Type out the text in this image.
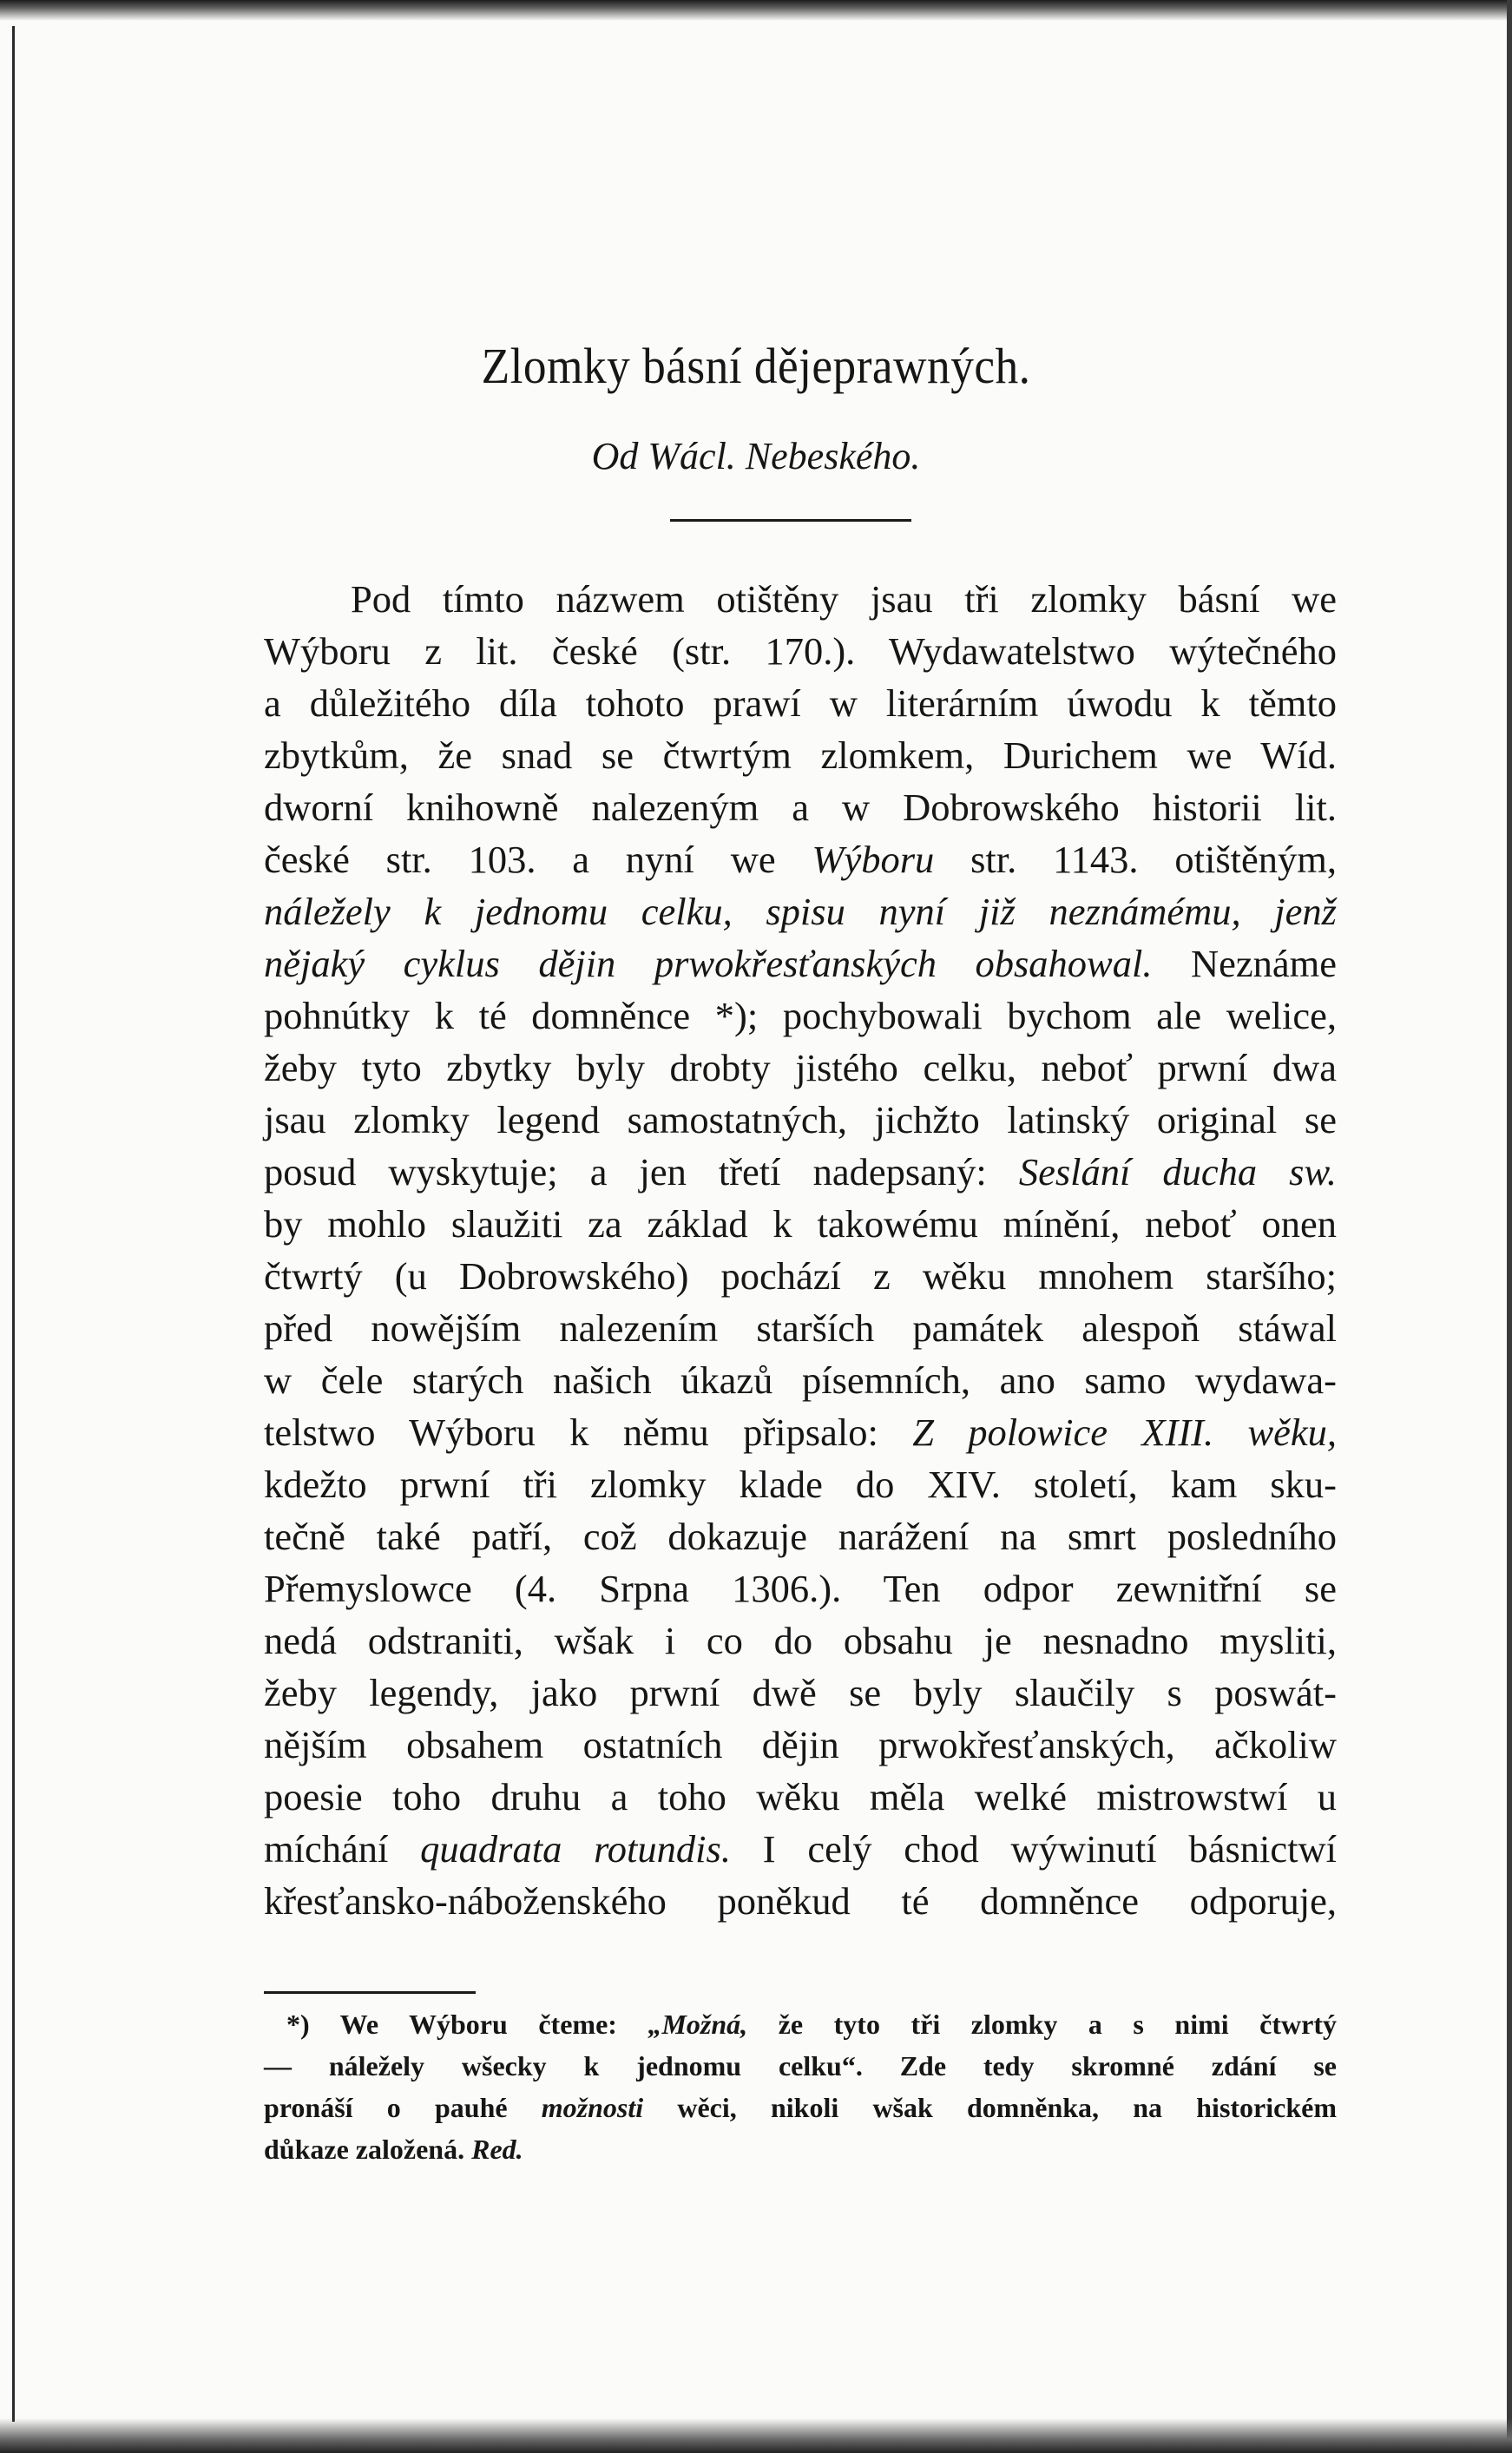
Zlomky básní dějeprawných.
Od Wácl. Nebeského.
Pod tímto názwem otištěny jsau tři zlomky básní we
Wýboru z lit. české (str. 170.). Wydawatelstwo wýtečného
a důležitého díla tohoto prawí w literárním úwodu k těmto
zbytkům, že snad se čtwrtým zlomkem, Durichem we Wíd.
dworní knihowně nalezeným a w Dobrowského historii lit.
české str. 103. a nyní we Wýboru str. 1143. otištěným,
náležely k jednomu celku, spisu nyní již neznámému, jenž
nějaký cyklus dějin prwokřesťanských obsahowal. Neznáme
pohnútky k té domněnce *); pochybowali bychom ale welice,
žeby tyto zbytky byly drobty jistého celku, neboť prwní dwa
jsau zlomky legend samostatných, jichžto latinský original se
posud wyskytuje; a jen třetí nadepsaný: Seslání ducha sw.
by mohlo slaužiti za základ k takowému mínění, neboť onen
čtwrtý (u Dobrowského) pochází z wěku mnohem staršího;
před nowějším nalezením starších památek alespoň stáwal
w čele starých našich úkazů písemních, ano samo wydawa-
telstwo Wýboru k němu připsalo: Z polowice XIII. wěku,
kdežto prwní tři zlomky klade do XIV. století, kam sku-
tečně také patří, což dokazuje narážení na smrt posledního
Přemyslowce (4. Srpna 1306.). Ten odpor zewnitřní se
nedá odstraniti, wšak i co do obsahu je nesnadno mysliti,
žeby legendy, jako prwní dwě se byly slaučily s poswát-
nějším obsahem ostatních dějin prwokřesťanských, ačkoliw
poesie toho druhu a toho wěku měla welké mistrowstwí u
míchání quadrata rotundis. I celý chod wýwinutí básnictwí
křesťansko-náboženského poněkud té domněnce odporuje,
*) We Wýboru čteme: „Možná, že tyto tři zlomky a s nimi čtwrtý
— náležely wšecky k jednomu celku“. Zde tedy skromné zdání se
pronáší o pauhé možnosti wěci, nikoli wšak domněnka, na historickém
důkaze založená. Red.
